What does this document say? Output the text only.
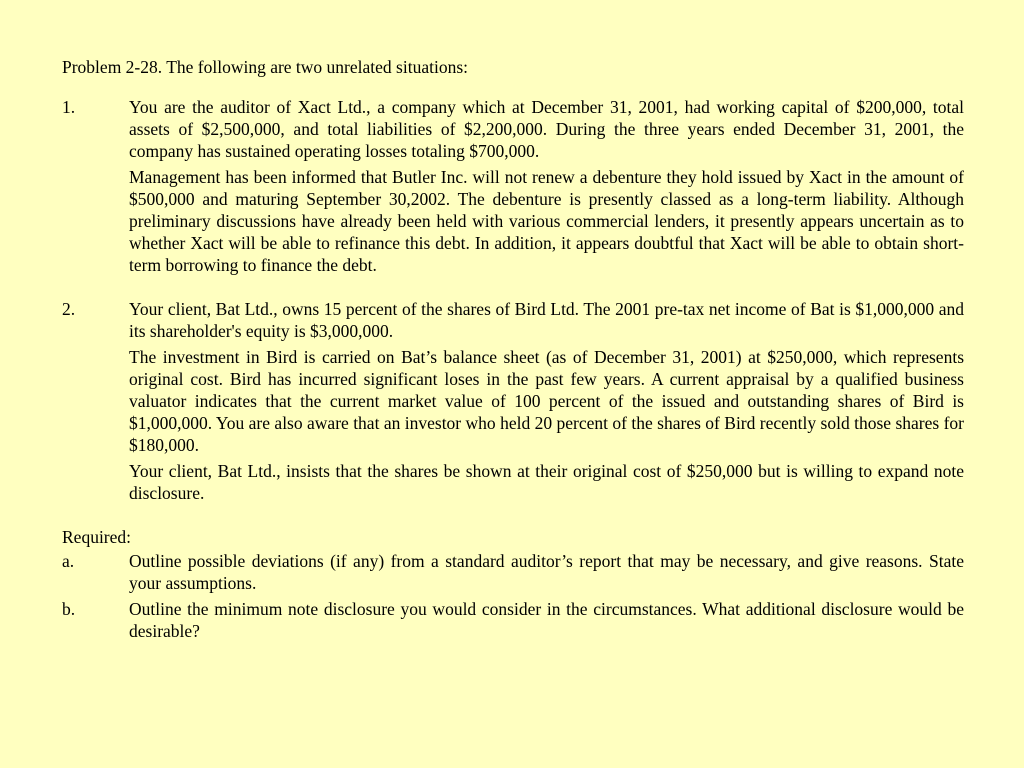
Problem 2-28. The following are two unrelated situations:

1.	You are the auditor of Xact Ltd., a company which at December 31, 2001, had working capital of $200,000, total assets of $2,500,000, and total liabilities of $2,200,000. During the three years ended December 31, 2001, the company has sustained operating losses totaling $700,000.

Management has been informed that Butler Inc. will not renew a debenture they hold issued by Xact in the amount of $500,000 and maturing September 30,2002. The debenture is presently classed as a long-term liability. Although preliminary discussions have already been held with various commercial lenders, it presently appears uncertain as to whether Xact will be able to refinance this debt. In addition, it appears doubtful that Xact will be able to obtain short-term borrowing to finance the debt.

2.	Your client, Bat Ltd., owns 15 percent of the shares of Bird Ltd. The 2001 pre-tax net income of Bat is $1,000,000 and its shareholder's equity is $3,000,000.

The investment in Bird is carried on Bat’s balance sheet (as of December 31, 2001) at $250,000, which represents original cost. Bird has incurred significant loses in the past few years. A current appraisal by a qualified business valuator indicates that the current market value of 100 percent of the issued and outstanding shares of Bird is $1,000,000. You are also aware that an investor who held 20 percent of the shares of Bird recently sold those shares for $180,000.

Your client, Bat Ltd., insists that the shares be shown at their original cost of $250,000 but is willing to expand note disclosure.

Required:

a.	Outline possible deviations (if any) from a standard auditor’s report that may be necessary, and give reasons. State your assumptions.

b.	Outline the minimum note disclosure you would consider in the circumstances. What additional disclosure would be desirable?
